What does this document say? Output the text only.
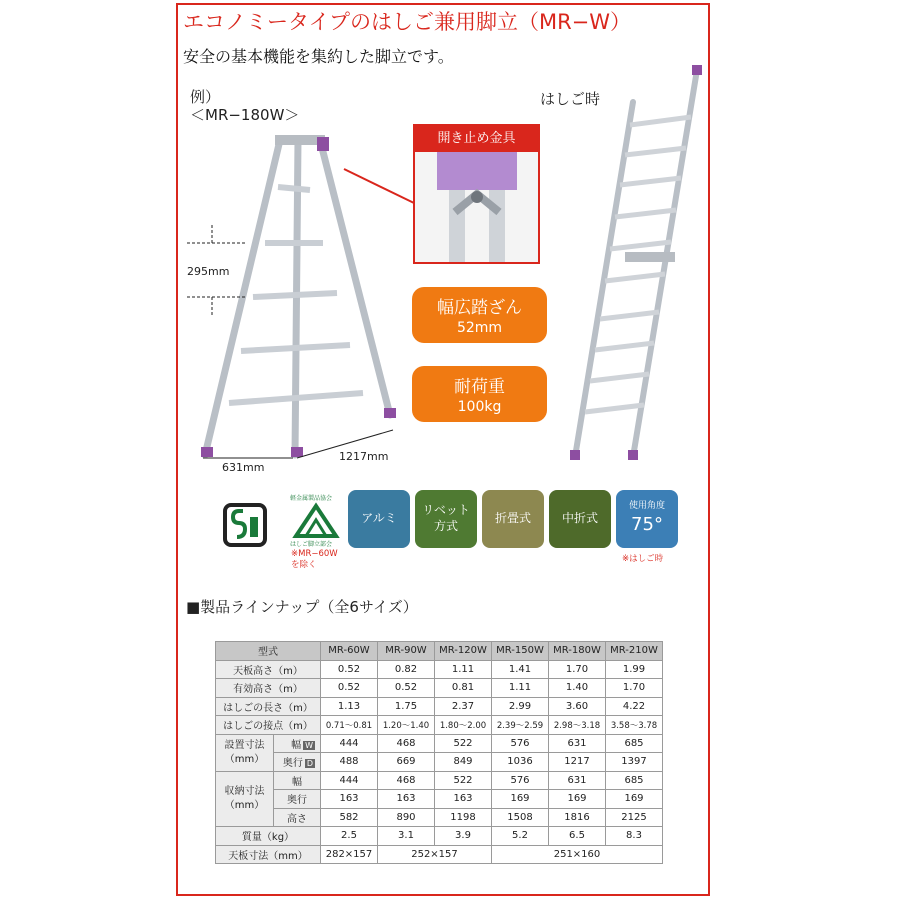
エコノミータイプのはしご兼用脚立（MR−W）
安全の基本機能を集約した脚立です。
例）
＜MR−180W＞
はしご時
295mm
631mm
1217mm
開き止め金具
幅広踏ざん
52mm
耐荷重
100kg
軽金属製品協会
はしご脚立部会
※MR−60W
を除く
アルミ
リベット
方式
折畳式	中折式
使用角度
75°
※はしご時
■製品ラインナップ（全6サイズ）
型式		MR-60W	MR-90W	MR-120W	MR-150W	MR-180W	MR-210W
天板高さ（m）		0.52	0.82	1.11	1.41	1.70	1.99
有効高さ（m）		0.52	0.52	0.81	1.11	1.40	1.70
はしごの長さ（m）		1.13	1.75	2.37	2.99	3.60	4.22
はしごの接点（m）		0.71〜0.81	1.20〜1.40	1.80〜2.00	2.39〜2.59	2.98〜3.18	3.58〜3.78
設置寸法
（mm）	幅 W	444	468	522	576	631	685
	奥行 D	488	669	849	1036	1217	1397
収納寸法
（mm）	幅	444	468	522	576	631	685
	奥行	163	163	163	169	169	169
	高さ	582	890	1198	1508	1816	2125
質量（kg）		2.5	3.1	3.9	5.2	6.5	8.3
天板寸法（mm）		282×157	252×157		251×160		
